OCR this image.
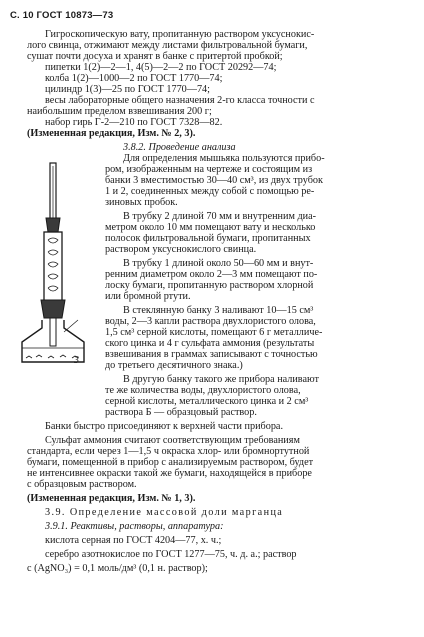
С. 10 ГОСТ 10873—73
Гигроскопическую вату, пропитанную раствором уксуснокис-
лого свинца, отжимают между листами фильтровальной бумаги,
сушат почти досуха и хранят в банке с притертой пробкой;
пипетки 1(2)—2—1, 4(5)—2—2 по ГОСТ 20292—74;
колба 1(2)—1000—2 по ГОСТ 1770—74;
цилиндр 1(3)—25 по ГОСТ 1770—74;
весы лабораторные общего назначения 2-го класса точности с
наибольшим пределом взвешивания 200 г;
набор гирь Г-2—210 по ГОСТ 7328—82.
(Измененная редакция, Изм. № 2, 3).
3.8.2. Проведение анализа
Для определения мышьяка пользуются прибо-
ром, изображенным на чертеже и состоящим из
банки 3 вместимостью 30—40 см³, из двух трубок
1 и 2, соединенных между собой с помощью ре-
зиновых пробок.
В трубку 2 длиной 70 мм и внутренним диа-
метром около 10 мм помещают вату и несколько
полосок фильтровальной бумаги, пропитанных
раствором уксуснокислого свинца.
В трубку 1 длиной около 50—60 мм и внут-
ренним диаметром около 2—3 мм помещают по-
лоску бумаги, пропитанную раствором хлорной
или бромной ртути.
В стеклянную банку 3 наливают 10—15 см³
воды, 2—3 капли раствора двухлористого олова,
1,5 см³ серной кислоты, помещают 6 г металличе-
ского цинка и 4 г сульфата аммония (результаты
взвешивания в граммах записывают с точностью
до третьего десятичного знака.)
В другую банку такого же прибора наливают
те же количества воды, двухлористого олова,
серной кислоты, металлического цинка и 2 см³
раствора Б — образцовый раствор.
Банки быстро присоединяют к верхней части прибора.
Сульфат аммония считают соответствующим требованиям
стандарта, если через 1—1,5 ч окраска хлор- или бромнортутной
бумаги, помещенной в прибор с анализируемым раствором, будет
не интенсивнее окраски такой же бумаги, находящейся в приборе
с образцовым раствором.
(Измененная редакция, Изм. № 1, 3).
3.9. Определение массовой доли марганца
3.9.1. Реактивы, растворы, аппаратура:
кислота серная по ГОСТ 4204—77, х. ч.;
серебро азотнокислое по ГОСТ 1277—75, ч. д. а.; раствор
c (AgNO₃) = 0,1 моль/дм³ (0,1 н. раствор);
3
